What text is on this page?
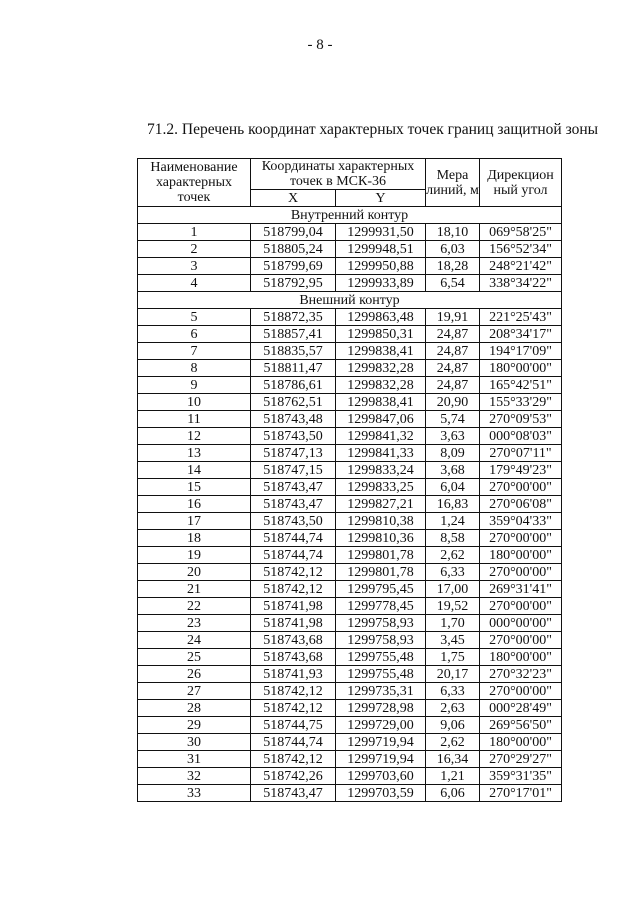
- 8 -
71.2. Перечень координат характерных точек границ защитной зоны
Наименование характерных точек	Координаты характерных точек в МСК-36		Мера линий, м	Дирекцион ный угол
	X	Y		
Внутренний контур				
1	518799,04	1299931,50	18,10	069°58'25"
2	518805,24	1299948,51	6,03	156°52'34"
3	518799,69	1299950,88	18,28	248°21'42"
4	518792,95	1299933,89	6,54	338°34'22"
Внешний контур				
5	518872,35	1299863,48	19,91	221°25'43"
6	518857,41	1299850,31	24,87	208°34'17"
7	518835,57	1299838,41	24,87	194°17'09"
8	518811,47	1299832,28	24,87	180°00'00"
9	518786,61	1299832,28	24,87	165°42'51"
10	518762,51	1299838,41	20,90	155°33'29"
11	518743,48	1299847,06	5,74	270°09'53"
12	518743,50	1299841,32	3,63	000°08'03"
13	518747,13	1299841,33	8,09	270°07'11"
14	518747,15	1299833,24	3,68	179°49'23"
15	518743,47	1299833,25	6,04	270°00'00"
16	518743,47	1299827,21	16,83	270°06'08"
17	518743,50	1299810,38	1,24	359°04'33"
18	518744,74	1299810,36	8,58	270°00'00"
19	518744,74	1299801,78	2,62	180°00'00"
20	518742,12	1299801,78	6,33	270°00'00"
21	518742,12	1299795,45	17,00	269°31'41"
22	518741,98	1299778,45	19,52	270°00'00"
23	518741,98	1299758,93	1,70	000°00'00"
24	518743,68	1299758,93	3,45	270°00'00"
25	518743,68	1299755,48	1,75	180°00'00"
26	518741,93	1299755,48	20,17	270°32'23"
27	518742,12	1299735,31	6,33	270°00'00"
28	518742,12	1299728,98	2,63	000°28'49"
29	518744,75	1299729,00	9,06	269°56'50"
30	518744,74	1299719,94	2,62	180°00'00"
31	518742,12	1299719,94	16,34	270°29'27"
32	518742,26	1299703,60	1,21	359°31'35"
33	518743,47	1299703,59	6,06	270°17'01"
